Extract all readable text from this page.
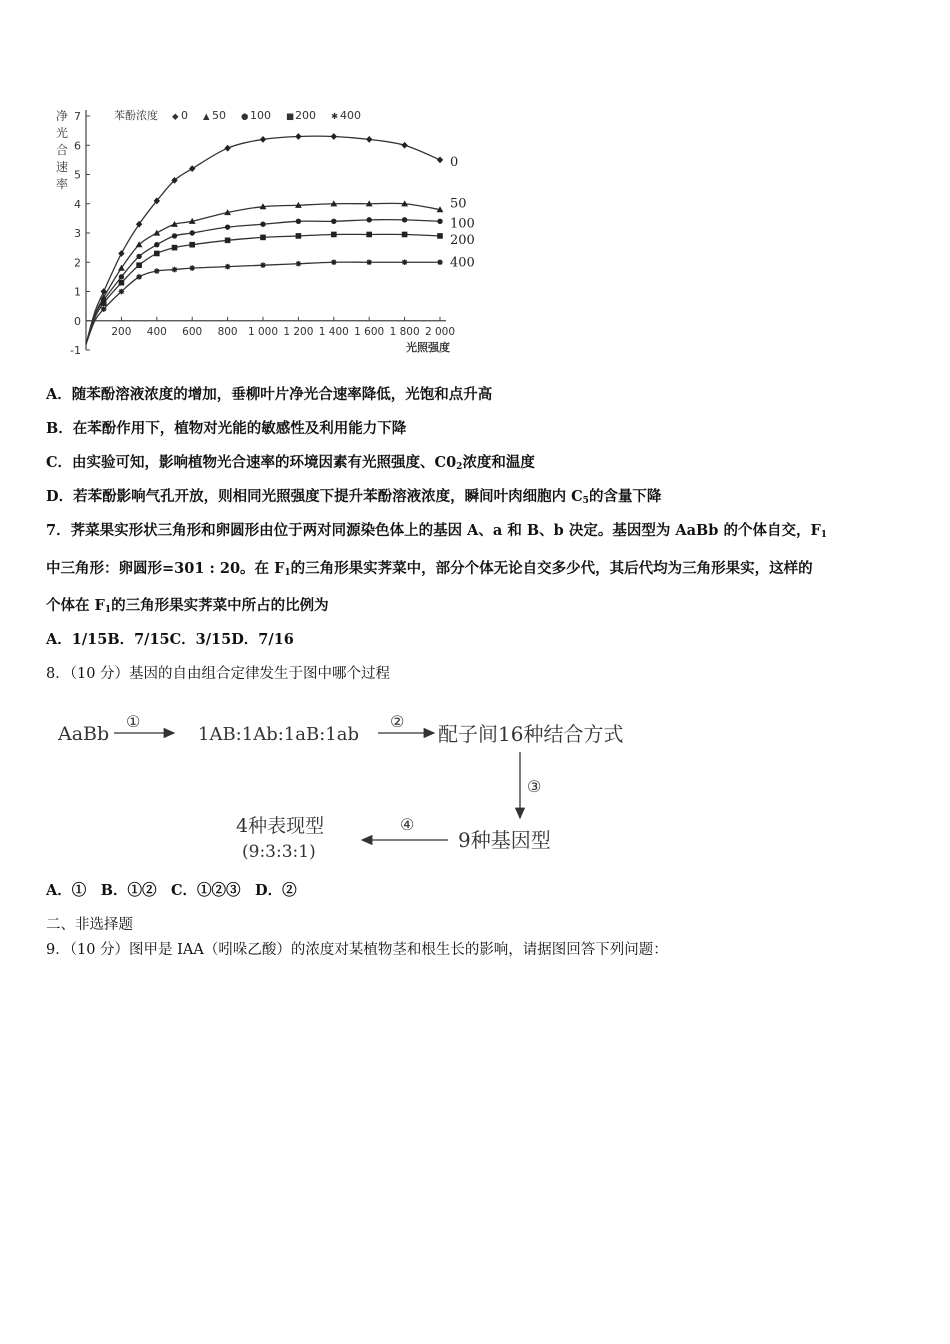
-1
0
1
2
3
4
5
6
7
200 400 600 800 1 000 1 200 1 400 1 600 1 800 2 000
光照强度
净
光
合
速
率
苯酚浓度 ◆ 0 ▲ 50 ● 100 ■ 200 ✱ 400
0
50
100
200
400
A．随苯酚溶液浓度的增加，垂柳叶片净光合速率降低，光饱和点升高
B．在苯酚作用下，植物对光能的敏感性及利用能力下降
C．由实验可知，影响植物光合速率的环境因素有光照强度、$C0_2$浓度和温度
D．若苯酚影响气孔开放，则相同光照强度下提升苯酚溶液浓度，瞬间叶肉细胞内 $C_5$的含量下降
7．荠菜果实形状三角形和卵圆形由位于两对同源染色体上的基因 A、a 和 B、b 决定。基因型为 AaBb 的个体自交，$F_1$
中三角形：卵圆形=301 : 20。在 $F_1$的三角形果实荠菜中，部分个体无论自交多少代，其后代均为三角形果实，这样的
个体在 $F_1$的三角形果实荠菜中所占的比例为
A．1/15B．7/15C．3/15D．7/16
8．（10 分）基因的自由组合定律发生于图中哪个过程
AaBb
①
1AB:1Ab:1aB:1ab
②
配子间16种结合方式
③
9种基因型
④
4种表现型
(9:3:3:1)
A．①　B．①②　C．①②③　D．②
二、非选择题
9．（10 分）图甲是 IAA（吲哚乙酸）的浓度对某植物茎和根生长的影响，请据图回答下列问题：
